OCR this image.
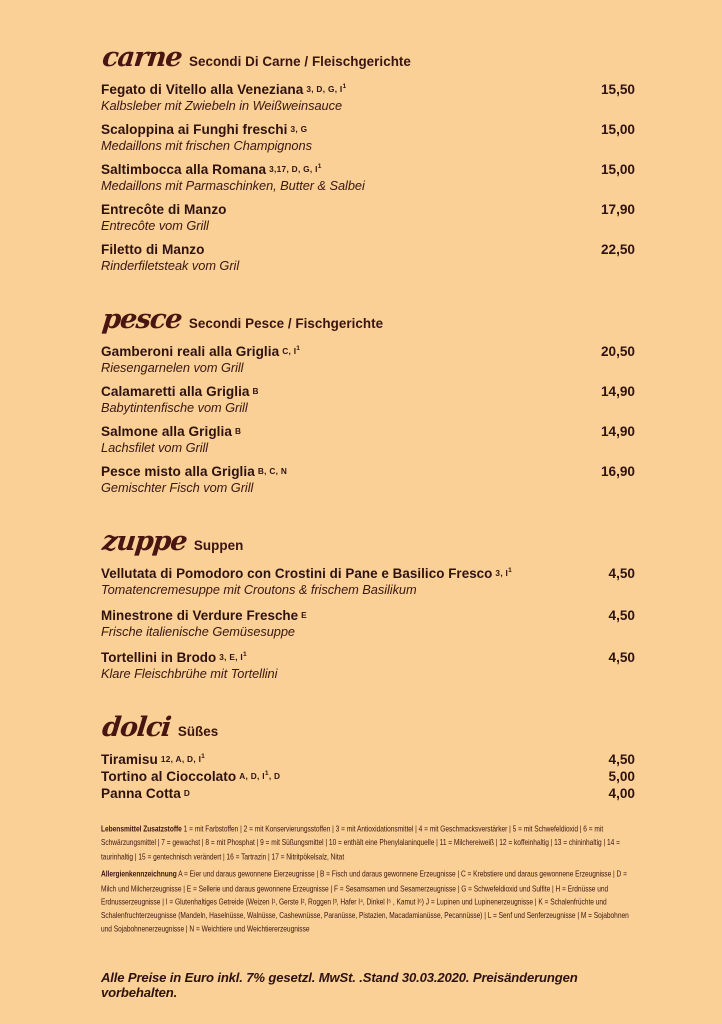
carne Secondi Di Carne / Fleischgerichte
Fegato di Vitello alla Veneziana 3, D, G, $I^1$	15,50
Kalbsleber mit Zwiebeln in Weißweinsauce
Scaloppina ai Funghi freschi 3, G	15,00
Medaillons mit frischen Champignons
Saltimbocca alla Romana 3,17, D, G, $I^1$	15,00
Medaillons mit Parmaschinken, Butter & Salbei
Entrecôte di Manzo	17,90
Entrecôte vom Grill
Filetto di Manzo	22,50
Rinderfiletsteak vom Gril
pesce Secondi Pesce / Fischgerichte
Gamberoni reali alla Griglia C, $I^1$	20,50
Riesengarnelen vom Grill
Calamaretti alla Griglia B	14,90
Babytintenfische vom Grill
Salmone alla Griglia B	14,90
Lachsfilet vom Grill
Pesce misto alla Griglia B, C, N	16,90
Gemischter Fisch vom Grill
zuppe Suppen
Vellutata di Pomodoro con Crostini di Pane e Basilico Fresco 3, $I^1$	4,50
Tomatencremesuppe mit Croutons & frischem Basilikum
Minestrone di Verdure Fresche E	4,50
Frische italienische Gemüsesuppe
Tortellini in Brodo 3, E, $I^1$	4,50
Klare Fleischbrühe mit Tortellini
dolci Süßes
Tiramisu 12, A, D, $I^1$	4,50
Tortino al Cioccolato A, D, $I^1$, D	5,00
Panna Cotta D	4,00
Lebensmittel Zusatzstoffe 1 = mit Farbstoffen | 2 = mit Konservierungsstoffen | 3 = mit Antioxidationsmittel | 4 = mit Geschmacksverstärker | 5 = mit Schwefeldioxid | 6 = mit Schwärzungsmittel | 7 = gewachst | 8 = mit Phosphat | 9 = mit Süßungsmittel | 10 = enthält eine Phenylalaninquelle | 11 = Milchereiweiß | 12 = koffeinhaltig | 13 = chininhaltig | 14 = taurinhaltig | 15 = gentechnisch verändert | 16 = Tartrazin | 17 = Nitritpökelsalz, Nitat
Allergienkennzeichnung A = Eier und daraus gewonnene Eierzeugnisse | B = Fisch und daraus gewonnene Erzeugnisse | C = Krebstiere und daraus gewonnene Erzeugnisse | D = Milch und Milcherzeugnisse | E = Sellerie und daraus gewonnene Erzeugnisse | F = Sesamsamen und Sesamerzeugnisse | G = Schwefeldioxid und Sulfite | H = Erdnüsse und Erdnusserzeugnisse | I = Glutenhaltiges Getreide (Weizen I¹, Gerste I², Roggen I³, Hafer I⁴, Dinkel I⁵ , Kamut I⁶) J = Lupinen und Lupinenerzeugnisse | K = Schalenfrüchte und Schalenfruchterzeugnisse (Mandeln, Haselnüsse, Walnüsse, Cashewnüsse, Paranüsse, Pistazien, Macadamianüsse, Pecannüsse) | L = Senf und Senferzeugnisse | M = Sojabohnen und Sojabohnenerzeugnisse | N = Weichtiere und Weichtiererzeugnisse
Alle Preise in Euro inkl. 7% gesetzl. MwSt. .Stand 30.03.2020. Preisänderungen vorbehalten.
